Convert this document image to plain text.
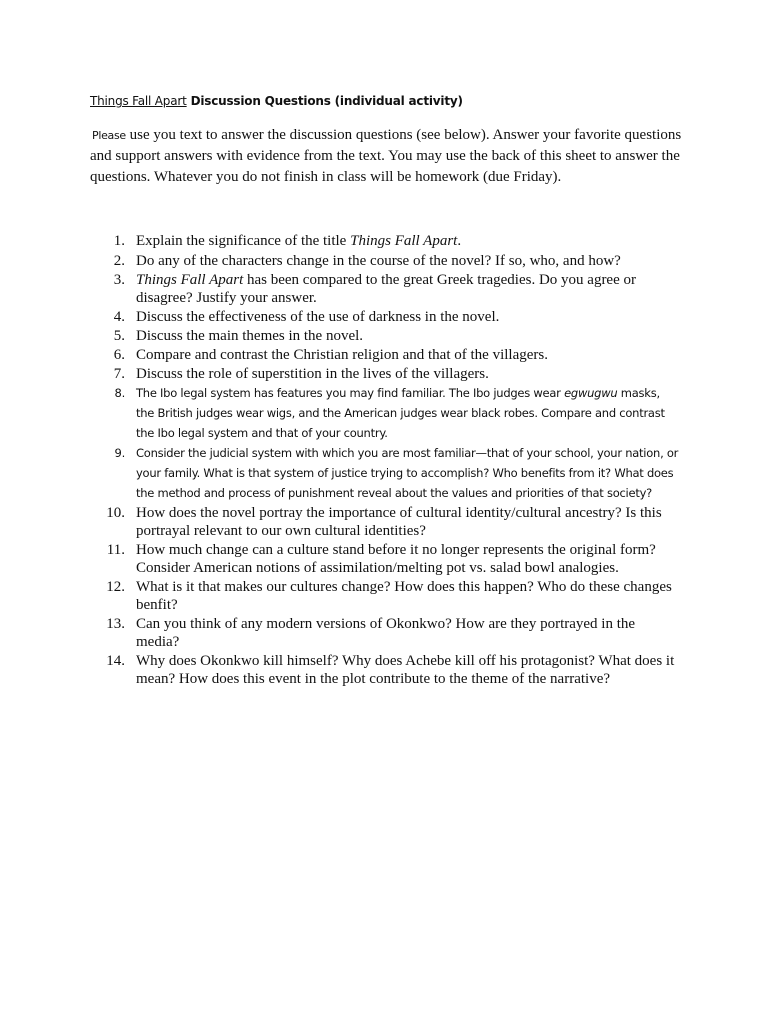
Things Fall Apart Discussion Questions (individual activity)
Please use you text to answer the discussion questions (see below). Answer your favorite questions and support answers with evidence from the text. You may use the back of this sheet to answer the questions. Whatever you do not finish in class will be homework (due Friday).
1. Explain the significance of the title Things Fall Apart.
2. Do any of the characters change in the course of the novel? If so, who, and how?
3. Things Fall Apart has been compared to the great Greek tragedies. Do you agree or disagree? Justify your answer.
4. Discuss the effectiveness of the use of darkness in the novel.
5. Discuss the main themes in the novel.
6. Compare and contrast the Christian religion and that of the villagers.
7. Discuss the role of superstition in the lives of the villagers.
8. The Ibo legal system has features you may find familiar. The Ibo judges wear egwugwu masks, the British judges wear wigs, and the American judges wear black robes. Compare and contrast the Ibo legal system and that of your country.
9. Consider the judicial system with which you are most familiar—that of your school, your nation, or your family. What is that system of justice trying to accomplish? Who benefits from it? What does the method and process of punishment reveal about the values and priorities of that society?
10. How does the novel portray the importance of cultural identity/cultural ancestry? Is this portrayal relevant to our own cultural identities?
11. How much change can a culture stand before it no longer represents the original form? Consider American notions of assimilation/melting pot vs. salad bowl analogies.
12. What is it that makes our cultures change? How does this happen? Who do these changes benfit?
13. Can you think of any modern versions of Okonkwo? How are they portrayed in the media?
14. Why does Okonkwo kill himself? Why does Achebe kill off his protagonist? What does it mean? How does this event in the plot contribute to the theme of the narrative?
